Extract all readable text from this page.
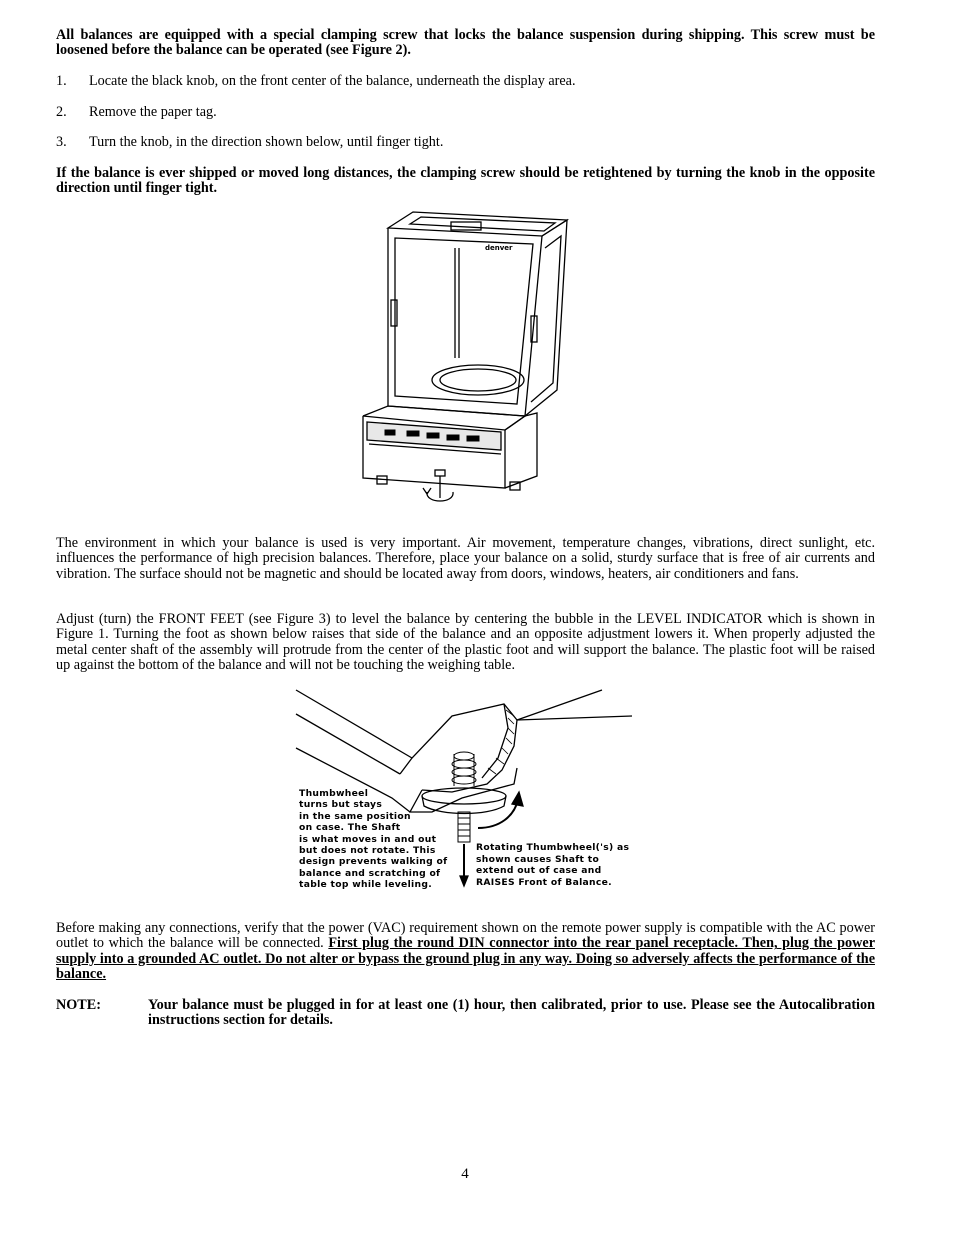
All balances are equipped with a special clamping screw that locks the balance suspension during shipping. This screw must be loosened before the balance can be operated (see Figure 2).

1. Locate the black knob, on the front center of the balance, underneath the display area.
2. Remove the paper tag.
3. Turn the knob, in the direction shown below, until finger tight.

If the balance is ever shipped or moved long distances, the clamping screw should be retightened by turning the knob in the opposite direction until finger tight.

denver

The environment in which your balance is used is very important. Air movement, temperature changes, vibrations, direct sunlight, etc. influences the performance of high precision balances. Therefore, place your balance on a solid, sturdy surface that is free of air currents and vibration. The surface should not be magnetic and should be located away from doors, windows, heaters, air conditioners and fans.

Adjust (turn) the FRONT FEET (see Figure 3) to level the balance by centering the bubble in the LEVEL INDICATOR which is shown in Figure 1. Turning the foot as shown below raises that side of the balance and an opposite adjustment lowers it. When properly adjusted the metal center shaft of the assembly will protrude from the center of the plastic foot and will support the balance. The plastic foot will be raised up against the bottom of the balance and will not be touching the weighing table.

Thumbwheel
turns but stays
in the same position
on case. The Shaft
is what moves in and out
but does not rotate. This
design prevents walking of
balance and scratching of
table top while leveling.
Rotating Thumbwheel('s) as
shown causes Shaft to
extend out of case and
RAISES Front of Balance.

Before making any connections, verify that the power (VAC) requirement shown on the remote power supply is compatible with the AC power outlet to which the balance will be connected. First plug the round DIN connector into the rear panel receptacle. Then, plug the power supply into a grounded AC outlet. Do not alter or bypass the ground plug in any way. Doing so adversely affects the performance of the balance.

NOTE:	Your balance must be plugged in for at least one (1) hour, then calibrated, prior to use. Please see the Autocalibration instructions section for details.

4
